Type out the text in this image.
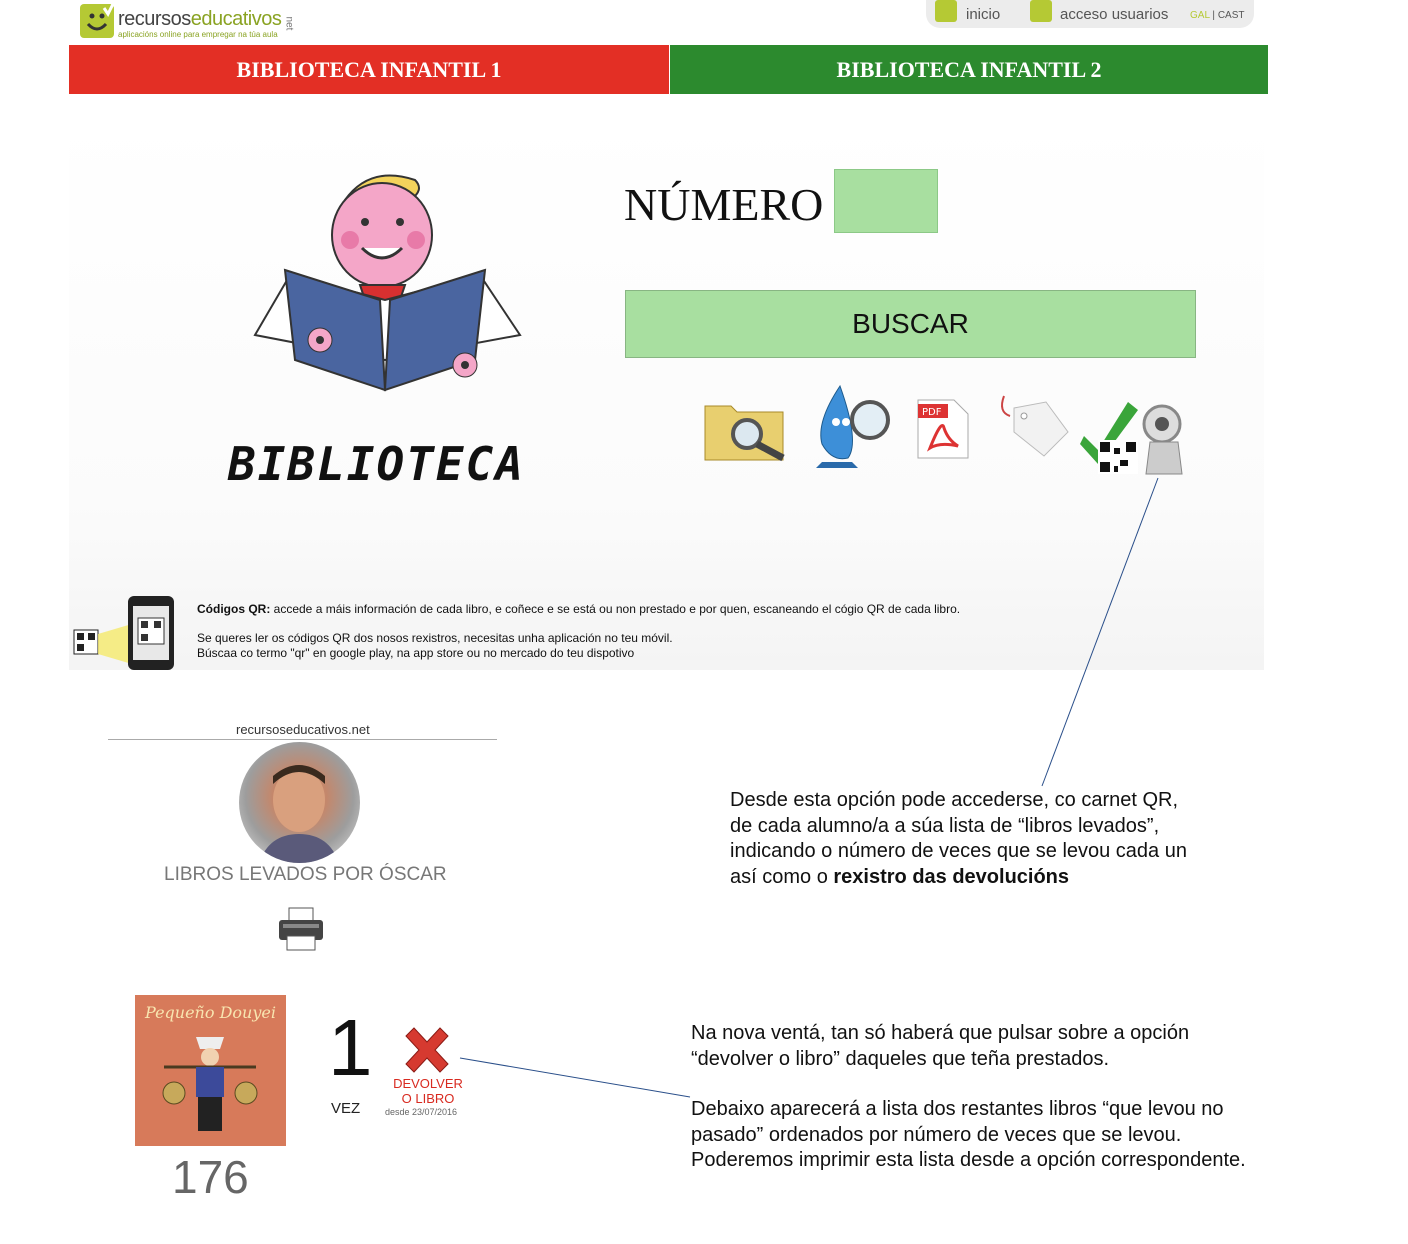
recursoseducativos
aplicacións online para empregar na túa aula
net
inicio	acceso usuarios GAL | CAST
BIBLIOTECA INFANTIL 1	BIBLIOTECA INFANTIL 2
BIBLIOTECA
NÚMERO
BUSCAR
PDF
Códigos QR: accede a máis información de cada libro, e coñece e se está ou non prestado e por quen, escaneando el cógio QR de cada libro.
Se queres ler os códigos QR dos nosos rexistros, necesitas unha aplicación no teu móvil.
Búscaa co termo "qr" en google play, na app store ou no mercado do teu dispotivo
recursoseducativos.net
LIBROS LEVADOS POR ÓSCAR
Pequeño Douyei
176
1
VEZ
DEVOLVER
O LIBRO
desde 23/07/2016
Desde esta opción pode accederse, co carnet QR,
de cada alumno/a a súa lista de “libros levados”,
indicando o número de veces que se levou cada un
así como o rexistro das devolucións
Na nova ventá, tan só haberá que pulsar sobre a opción
“devolver o libro” daqueles que teña prestados.
Debaixo aparecerá a lista dos restantes libros “que levou no
pasado” ordenados por número de veces que se levou.
Poderemos imprimir esta lista desde a opción correspondente.
